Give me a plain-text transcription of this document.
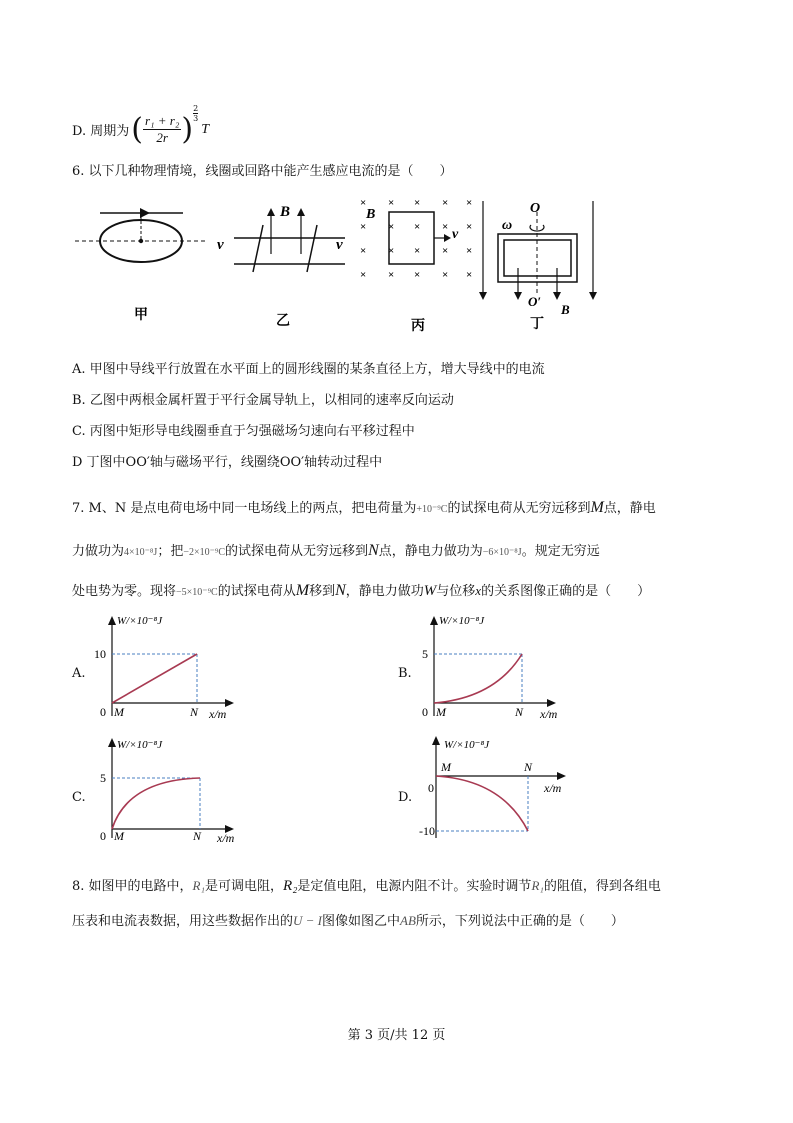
D. 周期为 ( $\frac{\text{r₁ + r₂}}{2r}$ ) $\frac{2}{3}$
T
6. 以下几种物理情境，线圈或回路中能产生感应电流的是（　　）
甲
B
v	v
乙
B
× × × × ×
× × × × ×
× × × × ×
× × × × ×
v
丙
O
ω
O′
B
丁
A. 甲图中导线平行放置在水平面上的圆形线圈的某条直径上方，增大导线中的电流
B. 乙图中两根金属杆置于平行金属导轨上，以相同的速率反向运动
C. 丙图中矩形导电线圈垂直于匀强磁场匀速向右平移过程中
D 丁图中OO′轴与磁场平行，线圈绕OO′轴转动过程中
7. M、N 是点电荷电场中同一电场线上的两点，把电荷量为+10⁻⁹C的试探电荷从无穷远移到M点，静电
力做功为4×10⁻⁸J；把−2×10⁻⁹C的试探电荷从无穷远移到N点，静电力做功为−6×10⁻⁸J。规定无穷远
处电势为零。现将−5×10⁻⁹C的试探电荷从M移到N，静电力做功W与位移x的关系图像正确的是（　　）
A.
W/×10⁻⁸J
10
0 M	N x/m
B.
W/×10⁻⁸J
5
0 M	N x/m
C.
W/×10⁻⁸J
5
0 M	N x/m
D.
W/×10⁻⁸J
-10
0
M	N
x/m
8. 如图甲的电路中，R₁是可调电阻，R₂是定值电阻，电源内阻不计。实验时调节R₁的阻值，得到各组电
压表和电流表数据，用这些数据作出的U − I图像如图乙中AB所示，下列说法中正确的是（　　）
第 3 页/共 12 页
